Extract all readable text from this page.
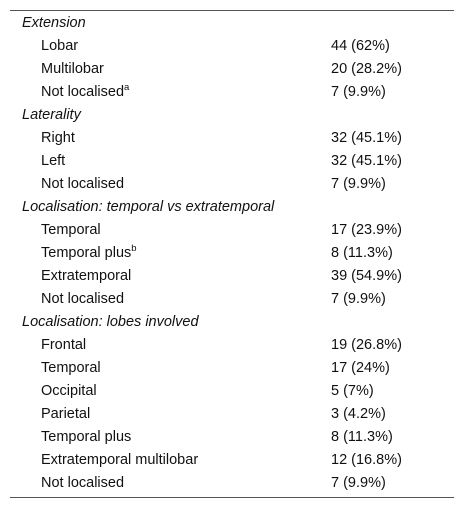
Extension
Lobar	44 (62%)
Multilobar	20 (28.2%)
Not localised$^a$	7 (9.9%)
Laterality
Right	32 (45.1%)
Left	32 (45.1%)
Not localised	7 (9.9%)
Localisation: temporal vs extratemporal
Temporal	17 (23.9%)
Temporal plus$^b$	8 (11.3%)
Extratemporal	39 (54.9%)
Not localised	7 (9.9%)
Localisation: lobes involved
Frontal	19 (26.8%)
Temporal	17 (24%)
Occipital	5 (7%)
Parietal	3 (4.2%)
Temporal plus	8 (11.3%)
Extratemporal multilobar	12 (16.8%)
Not localised	7 (9.9%)
